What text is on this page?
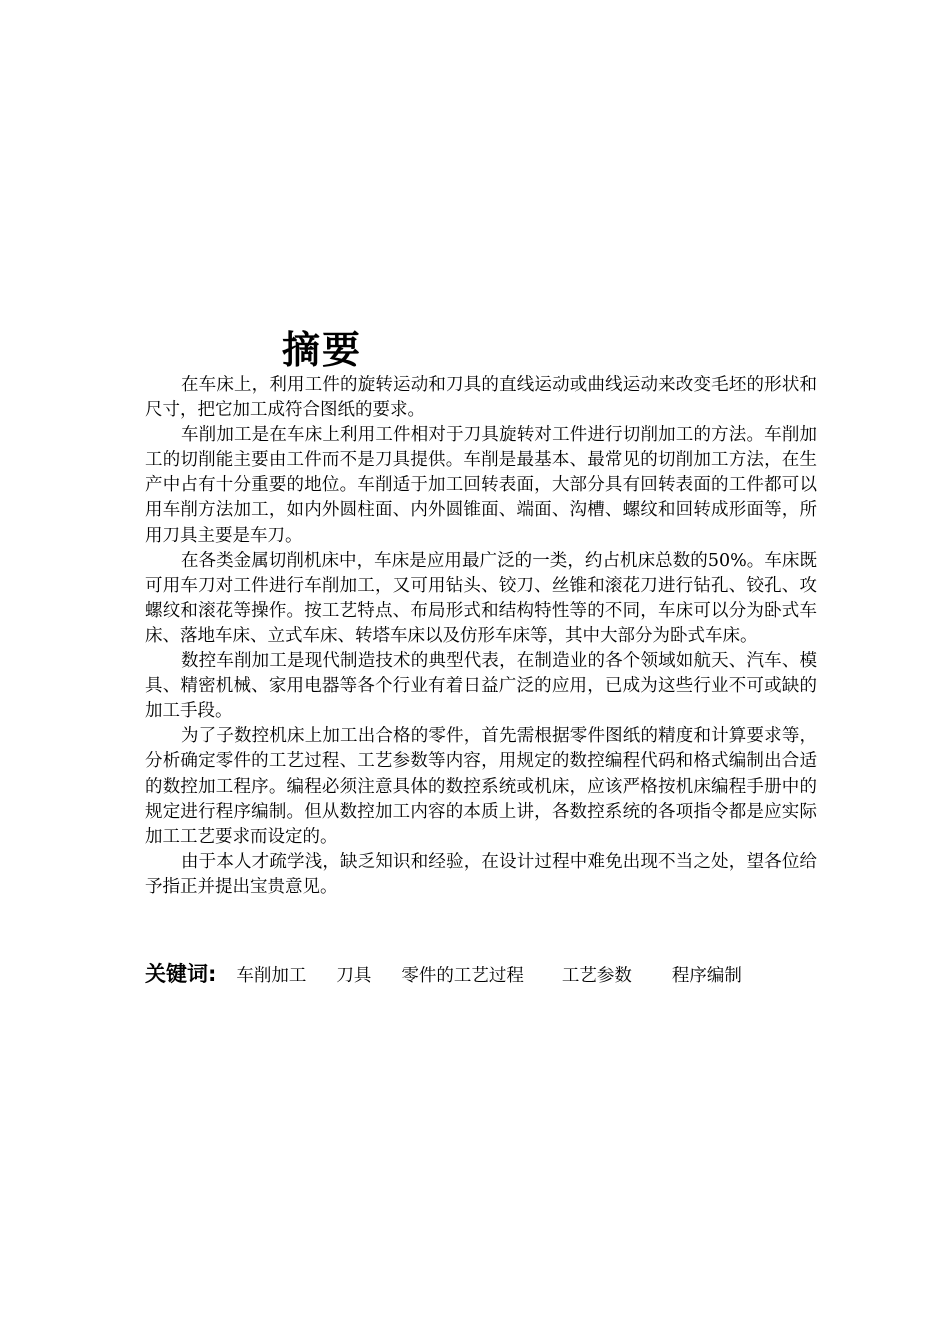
摘要

在车床上，利用工件的旋转运动和刀具的直线运动或曲线运动来改变毛坯的形状和尺寸，把它加工成符合图纸的要求。

车削加工是在车床上利用工件相对于刀具旋转对工件进行切削加工的方法。车削加工的切削能主要由工件而不是刀具提供。车削是最基本、最常见的切削加工方法，在生产中占有十分重要的地位。车削适于加工回转表面，大部分具有回转表面的工件都可以用车削方法加工，如内外圆柱面、内外圆锥面、端面、沟槽、螺纹和回转成形面等，所用刀具主要是车刀。

在各类金属切削机床中，车床是应用最广泛的一类，约占机床总数的50%。车床既可用车刀对工件进行车削加工，又可用钻头、铰刀、丝锥和滚花刀进行钻孔、铰孔、攻螺纹和滚花等操作。按工艺特点、布局形式和结构特性等的不同，车床可以分为卧式车床、落地车床、立式车床、转塔车床以及仿形车床等，其中大部分为卧式车床。

数控车削加工是现代制造技术的典型代表，在制造业的各个领域如航天、汽车、模具、精密机械、家用电器等各个行业有着日益广泛的应用，已成为这些行业不可或缺的加工手段。

为了子数控机床上加工出合格的零件，首先需根据零件图纸的精度和计算要求等，分析确定零件的工艺过程、工艺参数等内容，用规定的数控编程代码和格式编制出合适的数控加工程序。编程必须注意具体的数控系统或机床，应该严格按机床编程手册中的规定进行程序编制。但从数控加工内容的本质上讲，各数控系统的各项指令都是应实际加工工艺要求而设定的。

由于本人才疏学浅，缺乏知识和经验，在设计过程中难免出现不当之处，望各位给予指正并提出宝贵意见。

关键词: 车削加工 刀具 零件的工艺过程 工艺参数 程序编制
